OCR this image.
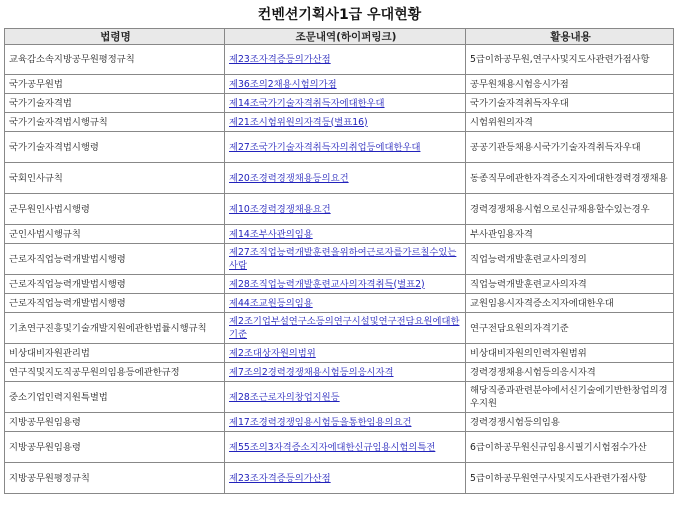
컨벤션기획사1급 우대현황
법령명	조문내역(하이퍼링크)	활용내용
교육감소속지방공무원평정규칙	제23조자격증등의가산점	5급이하공무원,연구사및지도사관련가점사항
국가공무원법	제36조의2채용시험의가점	공무원채용시험응시가점
국가기술자격법	제14조국가기술자격취득자에대한우대	국가기술자격취득자우대
국가기술자격법시행규칙	제21조시험위원의자격등(별표16)	시험위원의자격
국가기술자격법시행령	제27조국가기술자격취득자의취업등에대한우대	공공기관등채용시국가기술자격취득자우대
국회인사규칙	제20조경력경쟁채용등의요건	동종직무에관한자격증소지자에대한경력경쟁채용
군무원인사법시행령	제10조경력경쟁채용요건	경력경쟁채용시험으로신규채용할수있는경우
군인사법시행규칙	제14조부사관의임용	부사관임용자격
근로자직업능력개발법시행령	제27조직업능력개발훈련을위하여근로자를가르칠수있는사람	직업능력개발훈련교사의정의
근로자직업능력개발법시행령	제28조직업능력개발훈련교사의자격취득(별표2)	직업능력개발훈련교사의자격
근로자직업능력개발법시행령	제44조교원등의임용	교원임용시자격증소지자에대한우대
기초연구진흥및기술개발지원에관한법률시행규칙	제2조기업부설연구소등의연구시설및연구전담요원에대한기준	연구전담요원의자격기준
비상대비자원관리법	제2조대상자원의범위	비상대비자원의인력자원범위
연구직및지도직공무원의임용등에관한규정	제7조의2경력경쟁채용시험등의응시자격	경력경쟁채용시험등의응시자격
중소기업인력지원특별법	제28조근로자의창업지원등	해당직종과관련분야에서신기술에기반한창업의경우지원
지방공무원임용령	제17조경력경쟁임용시험등을통한임용의요건	경력경쟁시험등의임용
지방공무원임용령	제55조의3자격증소지자에대한신규임용시험의특전	6급이하공무원신규임용시필기시험점수가산
지방공무원평정규칙	제23조자격증등의가산점	5급이하공무원연구사및지도사관련가점사항
